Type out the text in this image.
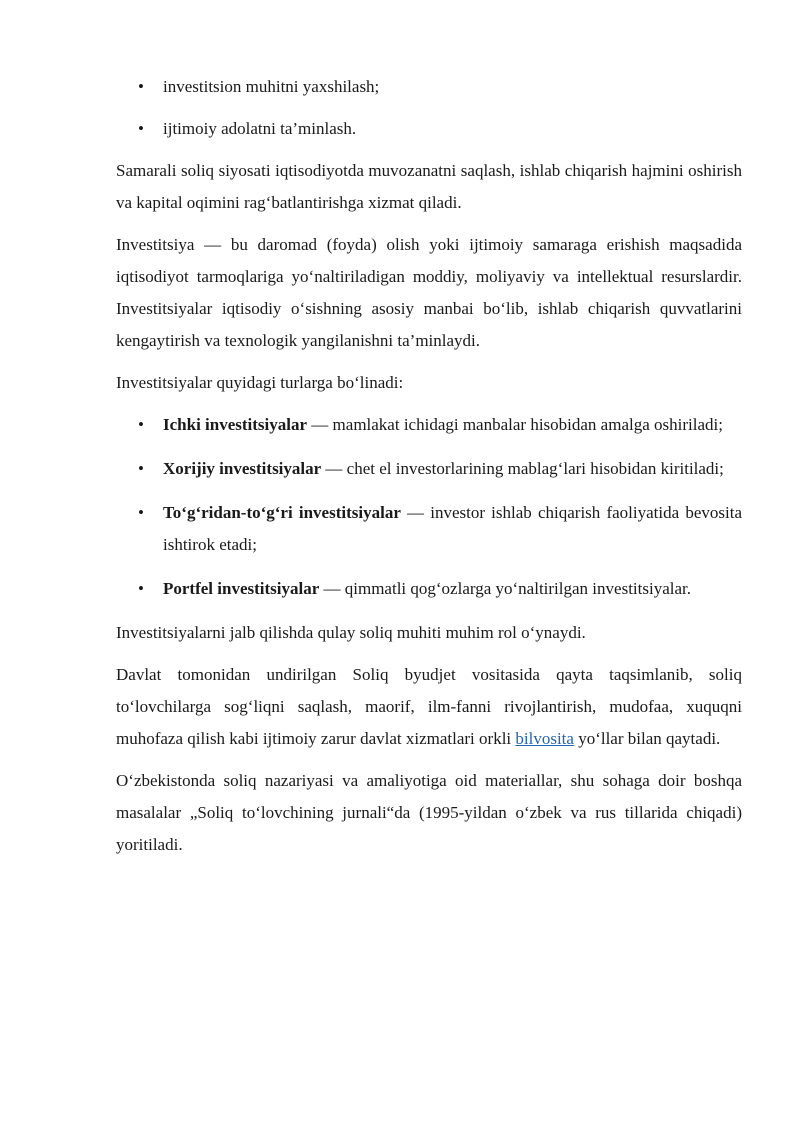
• investitsion muhitni yaxshilash;
• ijtimoiy adolatni ta’minlash.

Samarali soliq siyosati iqtisodiyotda muvozanatni saqlash, ishlab chiqarish hajmini oshirish va kapital oqimini rag‘batlantirishga xizmat qiladi.

Investitsiya — bu daromad (foyda) olish yoki ijtimoiy samaraga erishish maqsadida iqtisodiyot tarmoqlariga yo‘naltiriladigan moddiy, moliyaviy va intellektual resurslardir. Investitsiyalar iqtisodiy o‘sishning asosiy manbai bo‘lib, ishlab chiqarish quvvatlarini kengaytirish va texnologik yangilanishni ta’minlaydi.

Investitsiyalar quyidagi turlarga bo‘linadi:

• Ichki investitsiyalar — mamlakat ichidagi manbalar hisobidan amalga oshiriladi;
• Xorijiy investitsiyalar — chet el investorlarining mablag‘lari hisobidan kiritiladi;
• To‘g‘ridan-to‘g‘ri investitsiyalar — investor ishlab chiqarish faoliyatida bevosita ishtirok etadi;
• Portfel investitsiyalar — qimmatli qog‘ozlarga yo‘naltirilgan investitsiyalar.

Investitsiyalarni jalb qilishda qulay soliq muhiti muhim rol o‘ynaydi.

Davlat tomonidan undirilgan Soliq byudjet vositasida qayta taqsimlanib, soliq to‘lovchilarga sog‘liqni saqlash, maorif, ilm-fanni rivojlantirish, mudofaa, xuquqni muhofaza qilish kabi ijtimoiy zarur davlat xizmatlari orkli bilvosita yo‘llar bilan qaytadi.

O‘zbekistonda soliq nazariyasi va amaliyotiga oid materiallar, shu sohaga doir boshqa masalalar „Soliq to‘lovchining jurnali“da (1995-yildan o‘zbek va rus tillarida chiqadi) yoritiladi.
